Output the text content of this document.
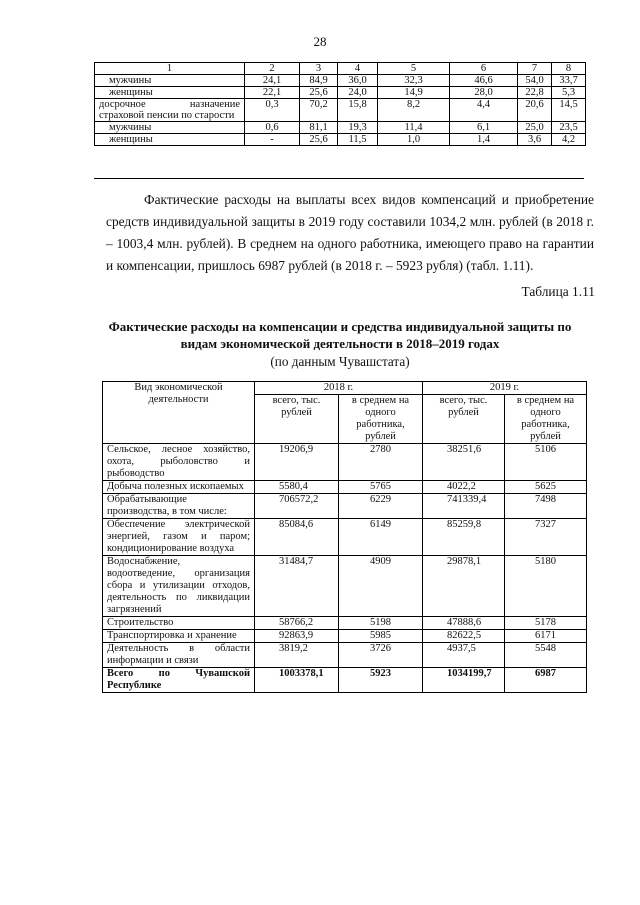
28
1	2	3	4	5	6	7	8
мужчины	24,1	84,9	36,0	32,3	46,6	54,0	33,7
женщины	22,1	25,6	24,0	14,9	28,0	22,8	5,3
досрочное назначение страховой пенсии по старости	0,3	70,2	15,8	8,2	4,4	20,6	14,5
мужчины	0,6	81,1	19,3	11,4	6,1	25,0	23,5
женщины	-	25,6	11,5	1,0	1,4	3,6	4,2

Фактические расходы на выплаты всех видов компенсаций и приобретение средств индивидуальной защиты в 2019 году составили 1034,2 млн. рублей (в 2018 г. – 1003,4 млн. рублей). В среднем на одного работника, имеющего право на гарантии и компенсации, пришлось 6987 рублей (в 2018 г. – 5923 рубля) (табл. 1.11).

Таблица 1.11

Фактические расходы на компенсации и средства индивидуальной защиты по видам экономической деятельности в 2018–2019 годах

(по данным Чувашстата)

Вид экономической деятельности	2018 г.		2019 г.	
	всего, тыс. рублей	в среднем на одного работника, рублей	всего, тыс. рублей	в среднем на одного работника, рублей
Сельское, лесное хозяйство, охота, рыболовство и рыбоводство	19206,9	2780	38251,6	5106
Добыча полезных ископаемых	5580,4	5765	4022,2	5625
Обрабатывающие производства, в том числе:	706572,2	6229	741339,4	7498
Обеспечение электрической энергией, газом и паром; кондиционирование воздуха	85084,6	6149	85259,8	7327
Водоснабжение, водоотведение, организация сбора и утилизации отходов, деятельность по ликвидации загрязнений	31484,7	4909	29878,1	5180
Строительство	58766,2	5198	47888,6	5178
Транспортировка и хранение	92863,9	5985	82622,5	6171
Деятельность в области информации и связи	3819,2	3726	4937,5	5548
Всего по Чувашской Республике	1003378,1	5923	1034199,7	6987
